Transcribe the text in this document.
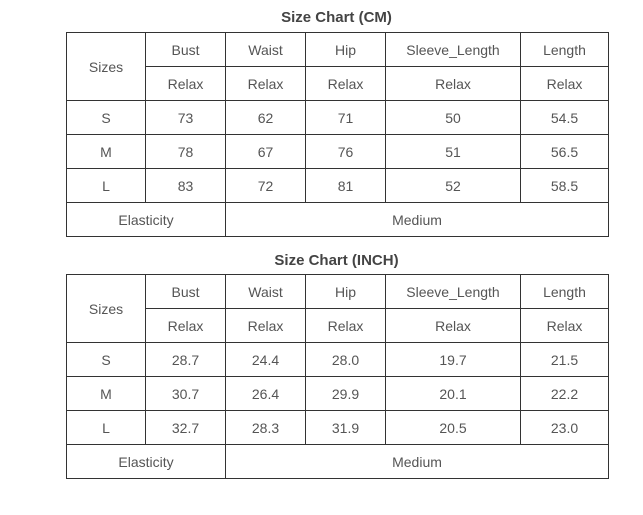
Size Chart (CM)
Sizes	Bust	Waist	Hip	Sleeve_Length	Length
	Relax	Relax	Relax	Relax	Relax
S	73	62	71	50	54.5
M	78	67	76	51	56.5
L	83	72	81	52	58.5
Elasticity		Medium			
Size Chart (INCH)
Sizes	Bust	Waist	Hip	Sleeve_Length	Length
	Relax	Relax	Relax	Relax	Relax
S	28.7	24.4	28.0	19.7	21.5
M	30.7	26.4	29.9	20.1	22.2
L	32.7	28.3	31.9	20.5	23.0
Elasticity		Medium			
